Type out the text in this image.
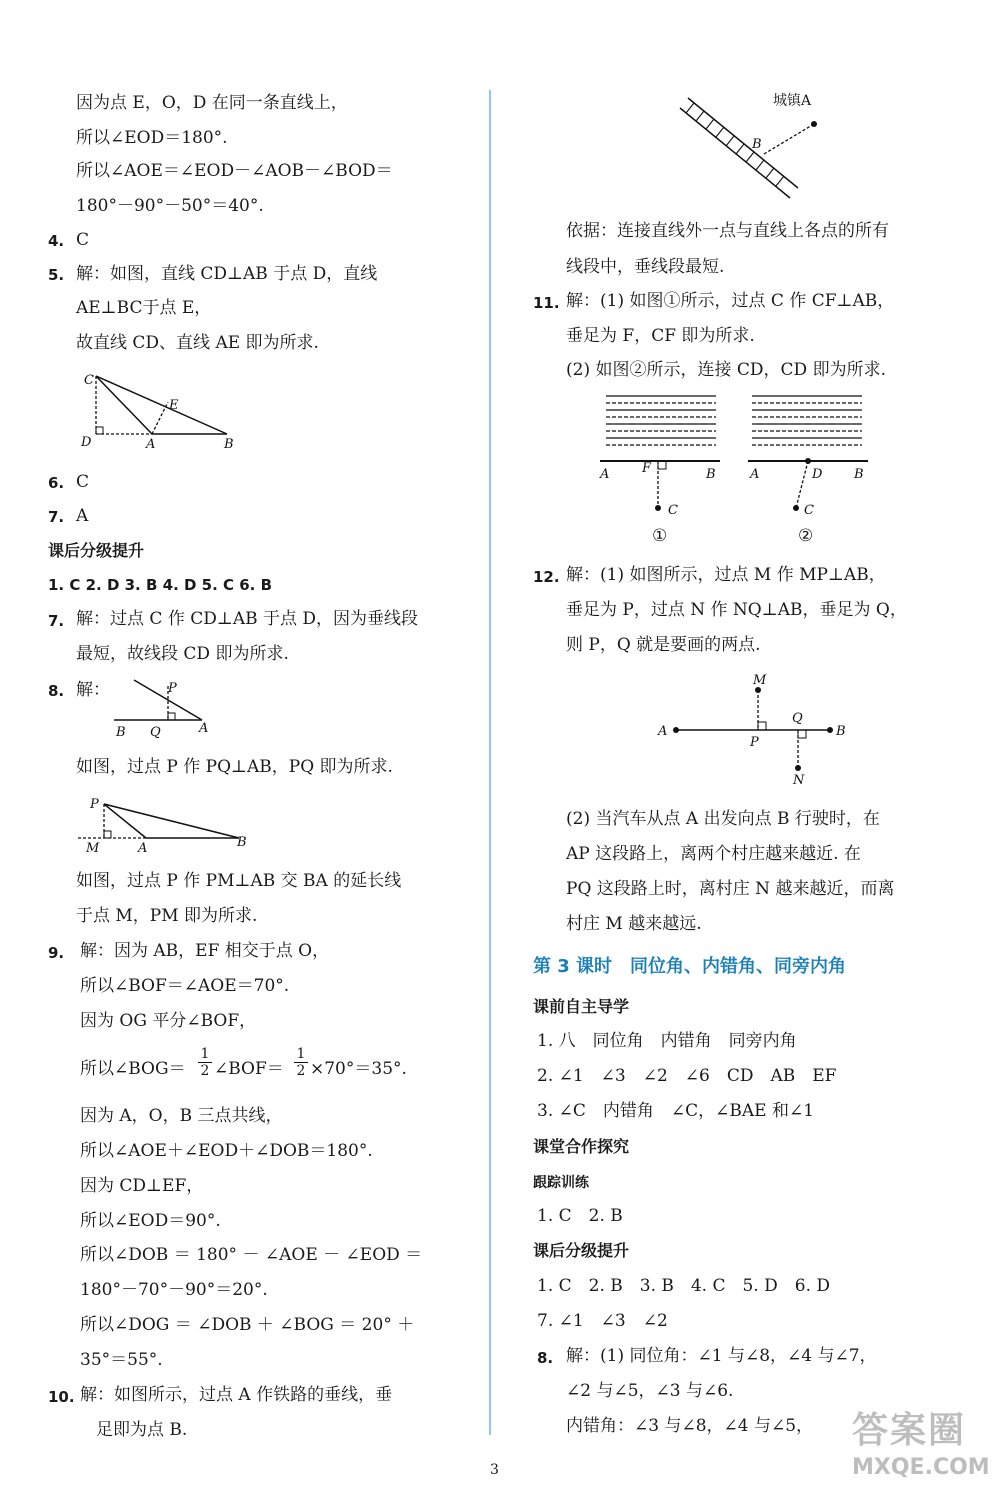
因为点 E，O，D 在同一条直线上，
所以∠EOD＝180°.
所以∠AOE＝∠EOD－∠AOB－∠BOD＝
180°－90°－50°＝40°.
4. C
5. 解：如图，直线 CD⊥AB 于点 D，直线
AE⊥BC于点 E，
故直线 CD、直线 AE 即为所求.
C
D	A	B
E
6. C
7. A
课后分级提升
1. C 2. D 3. B 4. D 5. C 6. B
7. 解：过点 C 作 CD⊥AB 于点 D，因为垂线段
最短，故线段 CD 即为所求.
8. 解：	P
B Q	A
如图，过点 P 作 PQ⊥AB，PQ 即为所求.
P
M	A	B
如图，过点 P 作 PM⊥AB 交 BA 的延长线
于点 M，PM 即为所求.
9. 解：因为 AB，EF 相交于点 O，
所以∠BOF＝∠AOE＝70°.
因为 OG 平分∠BOF，
所以∠BOG＝ $\frac{1}{2}$ ∠BOF＝ $\frac{1}{2} \times 70^\circ=35^\circ$.
因为 A，O，B 三点共线，
所以∠AOE＋∠EOD＋∠DOB＝180°.
因为 CD⊥EF，
所以∠EOD＝90°.
所以∠DOB ＝ 180° － ∠AOE － ∠EOD ＝
180°－70°－90°＝20°.
所以∠DOG ＝ ∠DOB ＋ ∠BOG ＝ 20° ＋
35°＝55°.
10. 解：如图所示，过点 A 作铁路的垂线，垂
足即为点 B.
B
城镇A
依据：连接直线外一点与直线上各点的所有
线段中，垂线段最短.
11. 解：(1) 如图①所示，过点 C 作 CF⊥AB，
垂足为 F，CF 即为所求.
(2) 如图②所示，连接 CD，CD 即为所求.
A	F	B
C
A	D B
C
①	②
12. 解：(1) 如图所示，过点 M 作 MP⊥AB，
垂足为 P，过点 N 作 NQ⊥AB，垂足为 Q，
则 P，Q 就是要画的两点.
M
A	B
P
Q
N
(2) 当汽车从点 A 出发向点 B 行驶时，在
AP 这段路上，离两个村庄越来越近. 在
PQ 这段路上时，离村庄 N 越来越近，而离
村庄 M 越来越远.
第 3 课时　同位角、内错角、同旁内角
课前自主导学
1. 八　同位角　内错角　同旁内角
2. ∠1　∠3　∠2　∠6　CD　AB　EF
3. ∠C　内错角　∠C，∠BAE 和∠1
课堂合作探究
跟踪训练
1. C　2. B
课后分级提升
1. C　2. B　3. B　4. C　5. D　6. D
7. ∠1　∠3　∠2
8. 解：(1) 同位角：∠1 与∠8，∠4 与∠7，
∠2 与∠5，∠3 与∠6.
内错角：∠3 与∠8，∠4 与∠5，
3
答案圈
MXQE.COM
